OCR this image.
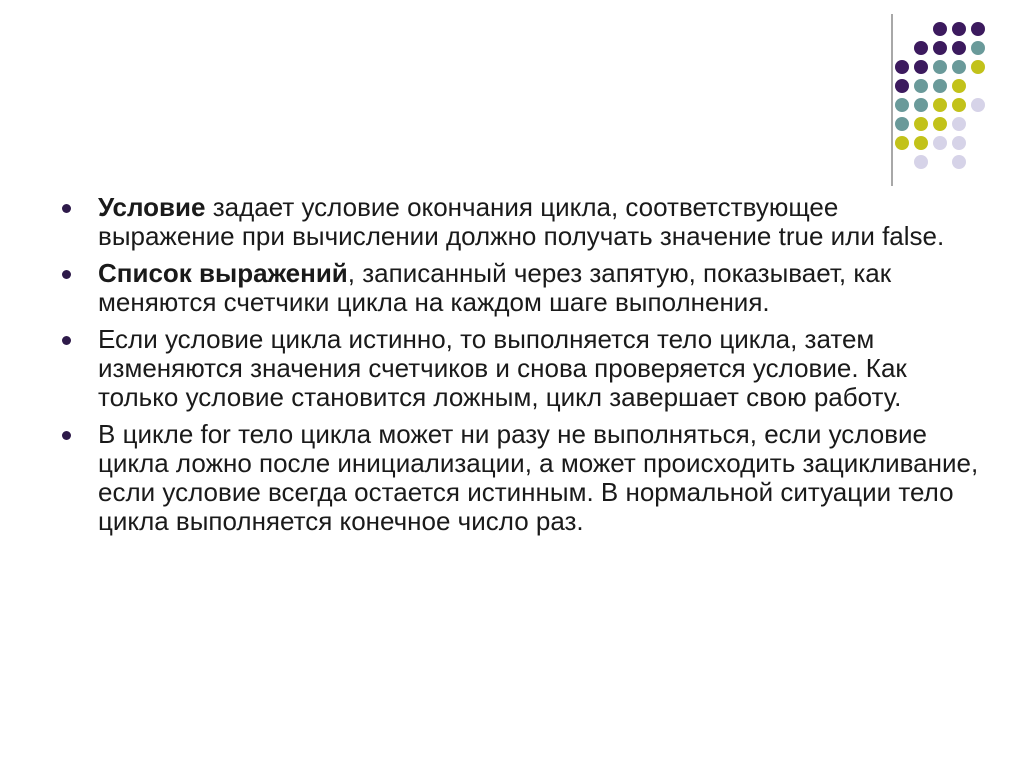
Условие задает условие окончания цикла, соответствующее выражение при вычислении должно получать значение true или false.
Список выражений, записанный через запятую, показывает, как меняются счетчики цикла на каждом шаге выполнения.
Если условие цикла истинно, то выполняется тело цикла, затем изменяются значения счетчиков и снова проверяется условие. Как только условие становится ложным, цикл завершает свою работу.
В цикле for тело цикла может ни разу не выполняться, если условие цикла ложно после инициализации, а может происходить зацикливание, если условие всегда остается истинным. В нормальной ситуации тело цикла выполняется конечное число раз.
